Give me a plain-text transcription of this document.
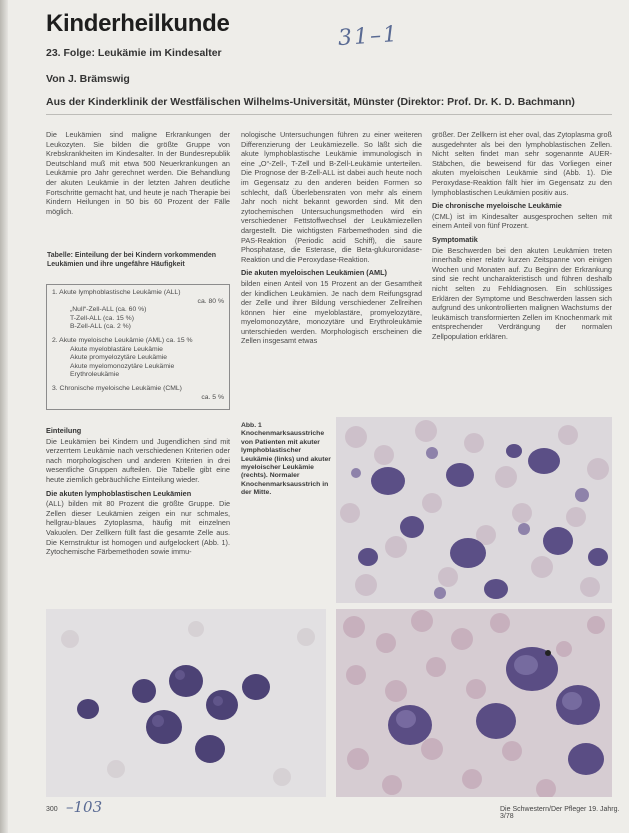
Kinderheilkunde	31–1
23. Folge: Leukämie im Kindesalter
Von J. Brämswig
Aus der Kinderklinik der Westfälischen Wilhelms-Universität, Münster (Direktor: Prof. Dr. K. D. Bachmann)

Die Leukämien sind maligne Erkrankungen der Leukozyten. Sie bilden die größte Gruppe von Krebskrankheiten im Kindesalter. In der Bundesrepublik Deutschland muß mit etwa 500 Neuerkrankungen an Leukämie pro Jahr gerechnet werden. Die Behandlung der akuten Leukämie in der letzten Jahren deutliche Fortschritte gemacht hat, und heute je nach Therapie bei Kindern Heilungen in 50 bis 60 Prozent der Fälle möglich.

Tabelle: Einteilung der bei Kindern vorkommenden Leukämien und ihre ungefähre Häufigkeit
1. Akute lymphoblastische Leukämie (ALL)
ca. 80 %
„Null“-Zell-ALL (ca. 60 %)
T-Zell-ALL (ca. 15 %)
B-Zell-ALL (ca. 2 %)
2. Akute myeloische Leukämie (AML) ca. 15 %
Akute myeloblastäre Leukämie
Akute promyelozytäre Leukämie
Akute myelomonozytäre Leukämie
Erythroleukämie
3. Chronische myeloische Leukämie (CML)
ca. 5 %
Einteilung

Die Leukämien bei Kindern und Jugendlichen sind mit verzerrtem Leukämie nach verschiedenen Kriterien oder nach morphologischen und anderen Kriterien in drei wesentliche Gruppen aufteilen. Die Tabelle gibt eine heute ziemlich gebräuchliche Einteilung wieder.

Die akuten lymphoblastischen Leukämien

(ALL) bilden mit 80 Prozent die größte Gruppe. Die Zellen dieser Leukämien zeigen ein nur schmales, hellgrau-blaues Zytoplasma, häufig mit einzelnen Vakuolen. Der Zellkern füllt fast die gesamte Zelle aus. Die Kernstruktur ist homogen und aufgelockert (Abb. 1). Zytochemische Färbemethoden sowie immu-

nologische Untersuchungen führen zu einer weiteren Differenzierung der Leukämiezelle. So läßt sich die akute lymphoblastische Leukämie immunologisch in eine „O“-Zell-, T-Zell und B-Zell-Leukämie unterteilen. Die Prognose der B-Zell-ALL ist dabei auch heute noch im Gegensatz zu den anderen beiden Formen so schlecht, daß Überlebensraten von mehr als einem Jahr noch nicht bekannt geworden sind. Mit den zytochemischen Untersuchungsmethoden wird ein verschiedener Fettstoffwechsel der Leukämiezellen dargestellt. Die wichtigsten Färbemethoden sind die PAS-Reaktion (Periodic acid Schiff), die saure Phosphatase, die Esterase, die Beta-glukuronidase-Reaktion und die Peroxydase-Reaktion.

Die akuten myeloischen Leukämien (AML)

bilden einen Anteil von 15 Prozent an der Gesamtheit der kindlichen Leukämien. Je nach dem Reifungsgrad der Zelle und ihrer Bildung verschiedener Zellreihen können hier eine myeloblastäre, promyelozytäre, myelomonozytäre, monozytäre und Erythroleukämie unterschieden werden. Morphologisch erscheinen die Zellen insgesamt etwas

größer. Der Zellkern ist eher oval, das Zytoplasma groß ausgedehnter als bei den lymphoblastischen Zellen. Nicht selten findet man sehr sogenannte AUER-Stäbchen, die beweisend für das Vorliegen einer akuten myeloischen Leukämie sind (Abb. 1). Die Peroxydase-Reaktion fällt hier im Gegensatz zu den lymphoblastischen Leukämien positiv aus.

Die chronische myeloische Leukämie

(CML) ist im Kindesalter ausgesprochen selten mit einem Anteil von fünf Prozent.

Symptomatik

Die Beschwerden bei den akuten Leukämien treten innerhalb einer relativ kurzen Zeitspanne von einigen Wochen und Monaten auf. Zu Beginn der Erkrankung sind sie recht uncharakteristisch und führen deshalb nicht selten zu Fehldiagnosen. Ein schlüssiges Erklären der Symptome und Beschwerden lassen sich aufgrund des unkontrollierten malignen Wachstums der leukämisch transformierten Zellen im Knochenmark mit entsprechender Verdrängung der normalen Zellpopulation erklären.

Abb. 1 Knochenmarksausstriche von Patienten mit akuter lymphoblastischer Leukämie (links) und akuter myeloischer Leukämie (rechts). Normaler Knochenmarksausstrich in der Mitte.
300 –103	Die Schwestern/Der Pfleger 19. Jahrg. 3/78
